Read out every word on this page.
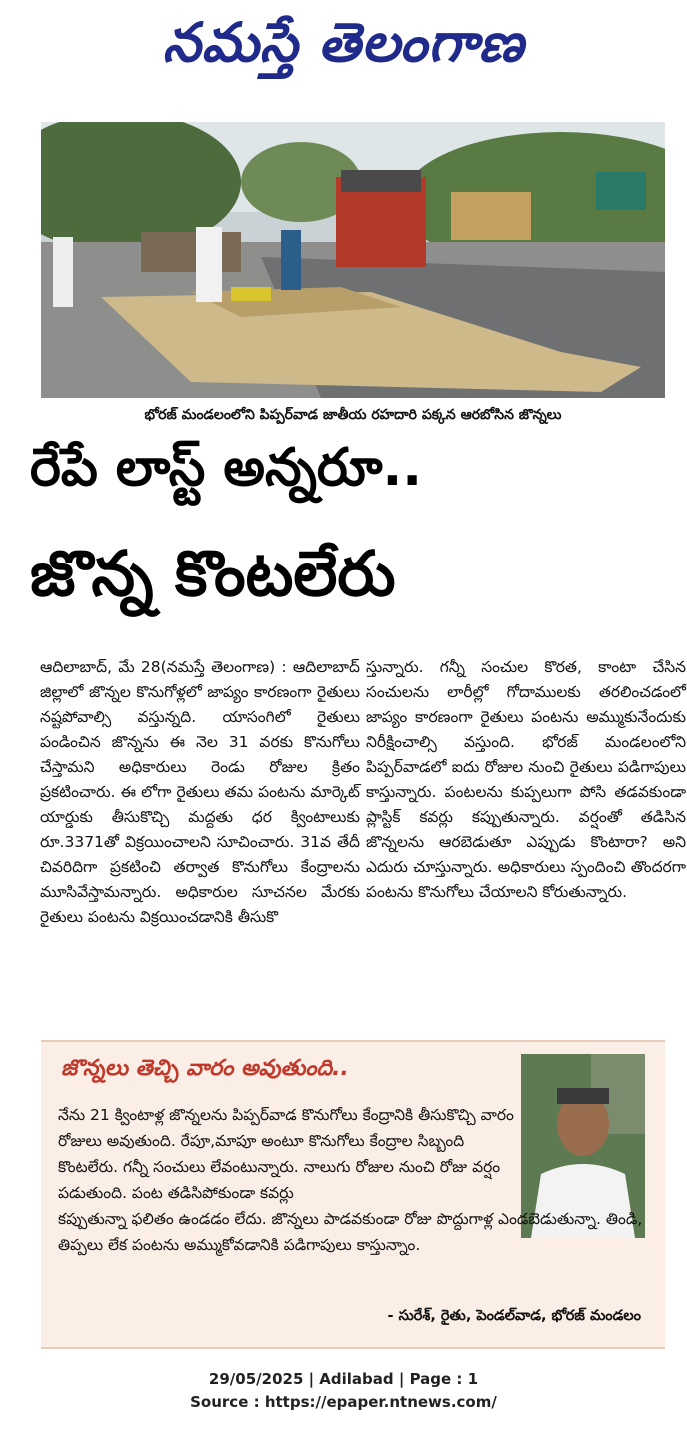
నమస్తే తెలంగాణ
భోరజ్ మండలంలోని పిప్పర్‌వాడ జాతీయ రహదారి పక్కన ఆరబోసిన జొన్నలు
రేపే లాస్ట్ అన్నరూ..
జొన్న కొంటలేరు
ఆదిలాబాద్, మే 28(నమస్తే తెలంగాణ) : ఆదిలాబాద్ జిల్లాలో జొన్నల కొనుగోళ్లలో జాప్యం కారణంగా రైతులు నష్టపోవాల్సి వస్తున్నది. యాసంగిలో రైతులు పండించిన జొన్నను ఈ నెల 31 వరకు కొనుగోలు చేస్తామని అధికారులు రెండు రోజుల క్రితం ప్రకటించారు. ఈ లోగా రైతులు తమ పంటను మార్కెట్ యార్డుకు తీసుకొచ్చి మద్దతు ధర క్వింటాలుకు రూ.3371తో విక్రయించాలని సూచించారు. 31వ తేదీ చివరిదిగా ప్రకటించి తర్వాత కొనుగోలు కేంద్రాలను మూసివేస్తామన్నారు. అధికారుల సూచనల మేరకు రైతులు పంటను విక్రయించడానికి తీసుకొ
స్తున్నారు. గన్నీ సంచుల కొరత, కాంటా చేసిన సంచులను లారీల్లో గోదాములకు తరలించడంలో జాప్యం కారణంగా రైతులు పంటను అమ్ముకునేందుకు నిరీక్షించాల్సి వస్తుంది. భోరజ్ మండలంలోని పిప్పర్‌వాడలో ఐదు రోజుల నుంచి రైతులు పడిగాపులు కాస్తున్నారు. పంటలను కుప్పలుగా పోసి తడవకుండా ప్లాస్టిక్ కవర్లు కప్పుతున్నారు. వర్షంతో తడిసిన జొన్నలను ఆరబెడుతూ ఎప్పుడు కొంటారా? అని ఎదురు చూస్తున్నారు. అధికారులు స్పందించి తొందరగా పంటను కొనుగోలు చేయాలని కోరుతున్నారు.
జొన్నలు తెచ్చి వారం అవుతుంది..
నేను 21 క్వింటాళ్ల జొన్నలను పిప్పర్‌వాడ కొనుగోలు కేంద్రానికి తీసుకొచ్చి వారం రోజులు అవుతుంది. రేపూ,మాపూ అంటూ కొనుగోలు కేంద్రాల సిబ్బంది కొంటలేరు. గన్నీ సంచులు లేవంటున్నారు. నాలుగు రోజుల నుంచి రోజు వర్షం పడుతుంది. పంట తడిసిపోకుండా కవర్లు
కప్పుతున్నా ఫలితం ఉండడం లేదు. జొన్నలు పాడవకుండా రోజు పొద్దుగాళ్ల ఎండబెడుతున్నా. తిండి, తిప్పలు లేక పంటను అమ్ముకోవడానికి పడిగాపులు కాస్తున్నాం.
- సురేశ్, రైతు, పెండల్‌వాడ, భోరజ్ మండలం
29/05/2025 | Adilabad | Page : 1
Source : https://epaper.ntnews.com/
